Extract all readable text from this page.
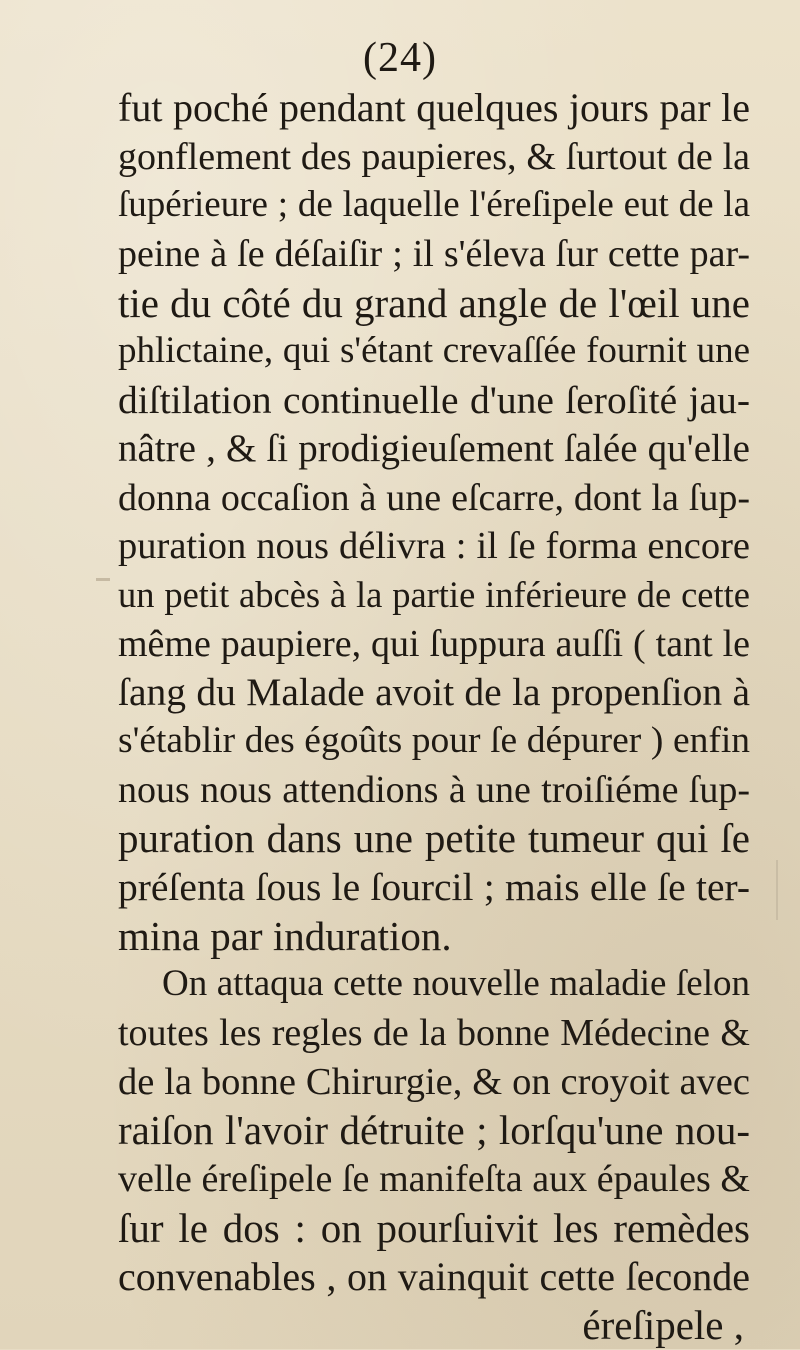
(24)
fut poché pendant quelques jours par le
gonflement des paupieres, & ſurtout de la
ſupérieure ; de laquelle l'éreſipele eut de la
peine à ſe déſaiſir ; il s'éleva ſur cette par-
tie du côté du grand angle de l'œil une
phlictaine, qui s'étant crevaſſée fournit une
diſtilation continuelle d'une ſeroſité jau-
nâtre , & ſi prodigieuſement ſalée qu'elle
donna occaſion à une eſcarre, dont la ſup-
puration nous délivra : il ſe forma encore
un petit abcès à la partie inférieure de cette
même paupiere, qui ſuppura auſſi ( tant le
ſang du Malade avoit de la propenſion à
s'établir des égoûts pour ſe dépurer ) enfin
nous nous attendions à une troiſiéme ſup-
puration dans une petite tumeur qui ſe
préſenta ſous le ſourcil ; mais elle ſe ter-
mina par induration.
On attaqua cette nouvelle maladie ſelon
toutes les regles de la bonne Médecine &
de la bonne Chirurgie, & on croyoit avec
raiſon l'avoir détruite ; lorſqu'une nou-
velle éreſipele ſe manifeſta aux épaules &
ſur le dos : on pourſuivit les remèdes
convenables , on vainquit cette ſeconde
éreſipele ,
